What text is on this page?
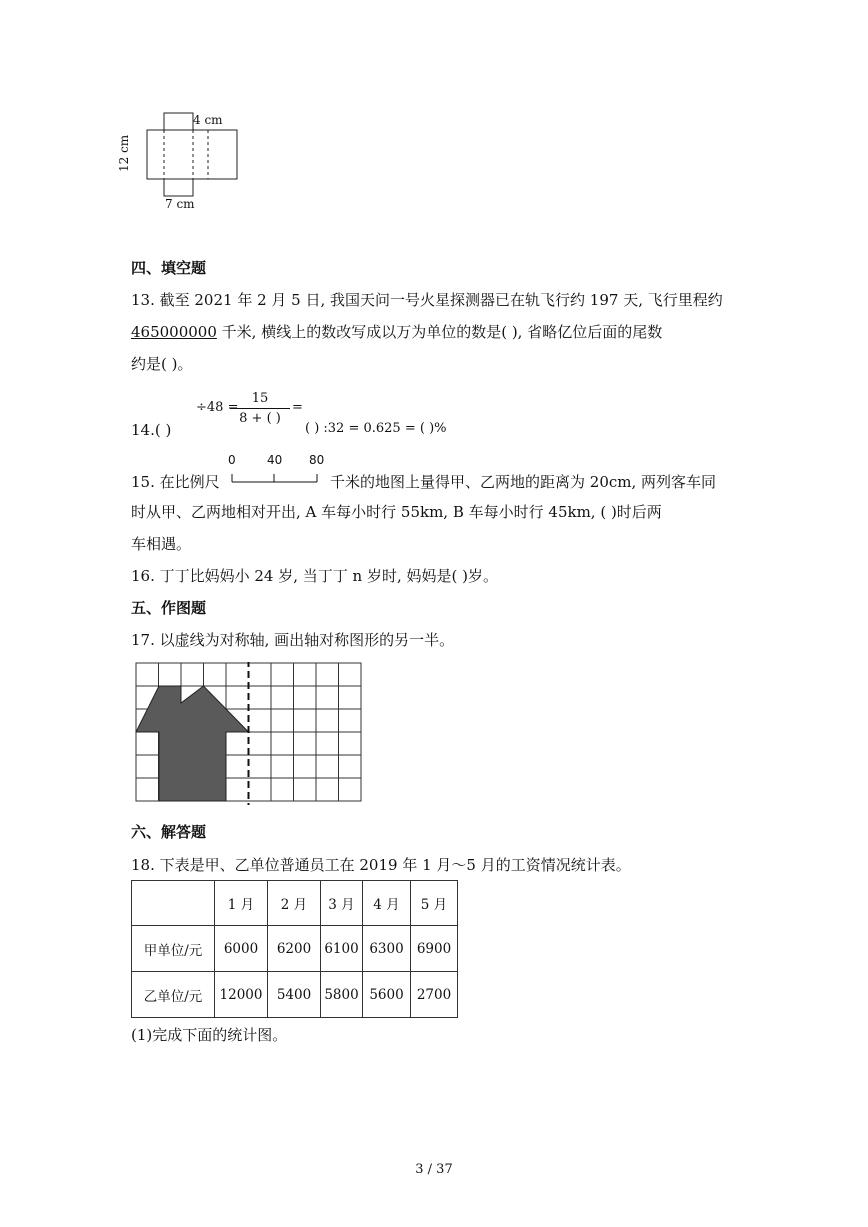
4 cm
12 cm
7 cm
四、填空题
13. 截至 2021 年 2 月 5 日, 我国天问一号火星探测器已在轨飞行约 197 天, 飞行里程约
465000000 千米, 横线上的数改写成以万为单位的数是( ), 省略亿位后面的尾数
约是( )。
14.( )
÷48 =
$\frac{15}{8 + ( )}$ =
( ) :32 = 0.625 = ( )%
15. 在比例尺
0	40 80
千米的地图上量得甲、乙两地的距离为 20cm, 两列客车同
时从甲、乙两地相对开出, A 车每小时行 55km, B 车每小时行 45km, ( )时后两
车相遇。
16. 丁丁比妈妈小 24 岁, 当丁丁 n 岁时, 妈妈是( )岁。
五、作图题
17. 以虚线为对称轴, 画出轴对称图形的另一半。
六、解答题
18. 下表是甲、乙单位普通员工在 2019 年 1 月～5 月的工资情况统计表。
	1 月	2 月	3 月	4 月	5 月
甲单位/元	6000	6200	6100	6300	6900
乙单位/元	12000	5400	5800	5600	2700
(1)完成下面的统计图。
3 / 37
